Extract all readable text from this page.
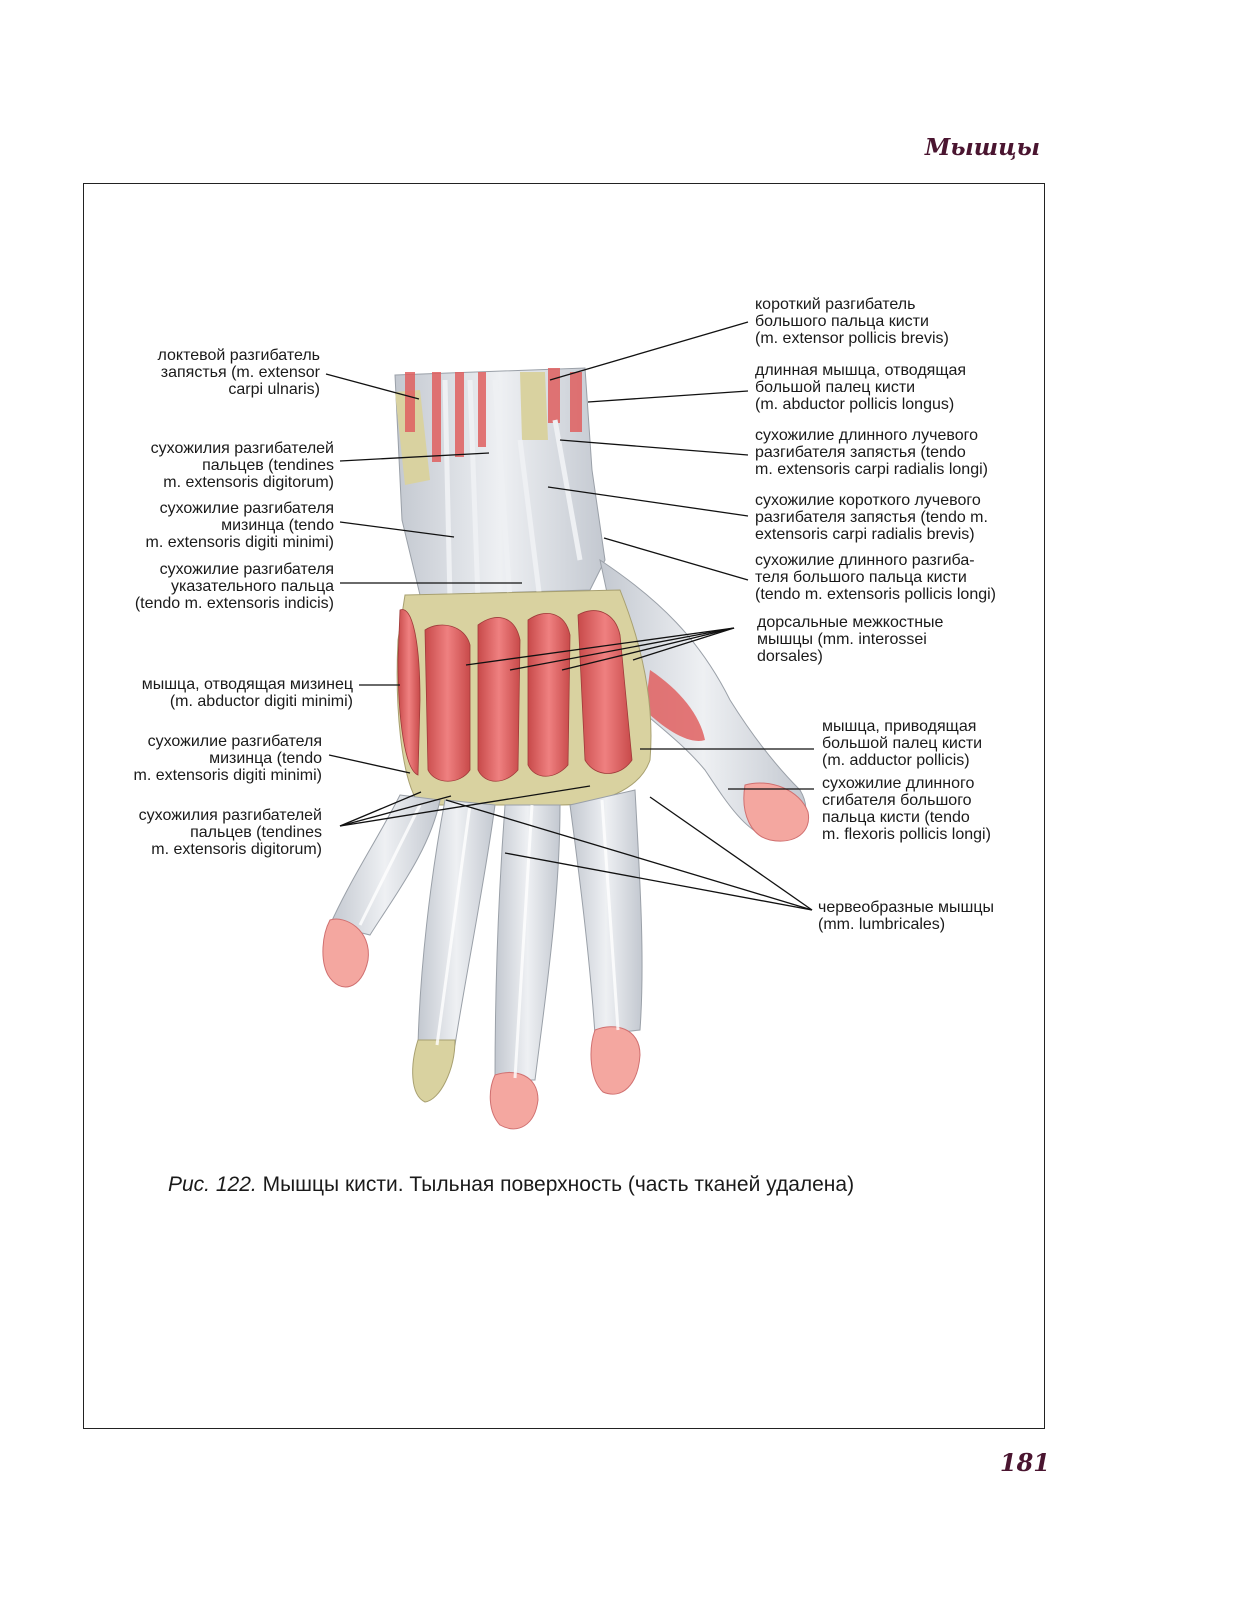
Мышцы
локтевой разгибатель
запястья (m. extensor
carpi ulnaris)
сухожилия разгибателей
пальцев (tendines
m. extensoris digitorum)
сухожилие разгибателя
мизинца (tendo
m. extensoris digiti minimi)
сухожилие разгибателя
указательного пальца
(tendo m. extensoris indicis)
мышца, отводящая мизинец
(m. abductor digiti minimi)
сухожилие разгибателя
мизинца (tendo
m. extensoris digiti minimi)
сухожилия разгибателей
пальцев (tendines
m. extensoris digitorum)
короткий разгибатель
большого пальца кисти
(m. extensor pollicis brevis)
длинная мышца, отводящая
большой палец кисти
(m. abductor pollicis longus)
сухожилие длинного лучевого
разгибателя запястья (tendo
m. extensoris carpi radialis longi)
сухожилие короткого лучевого
разгибателя запястья (tendo m.
extensoris carpi radialis brevis)
сухожилие длинного разгиба-
теля большого пальца кисти
(tendo m. extensoris pollicis longi)
дорсальные межкостные
мышцы (mm. interossei
dorsales)
мышца, приводящая
большой палец кисти
(m. adductor pollicis)
сухожилие длинного
сгибателя большого
пальца кисти (tendo
m. flexoris pollicis longi)
червеобразные мышцы
(mm. lumbricales)
Рис. 122. Мышцы кисти. Тыльная поверхность (часть тканей удалена)
181
